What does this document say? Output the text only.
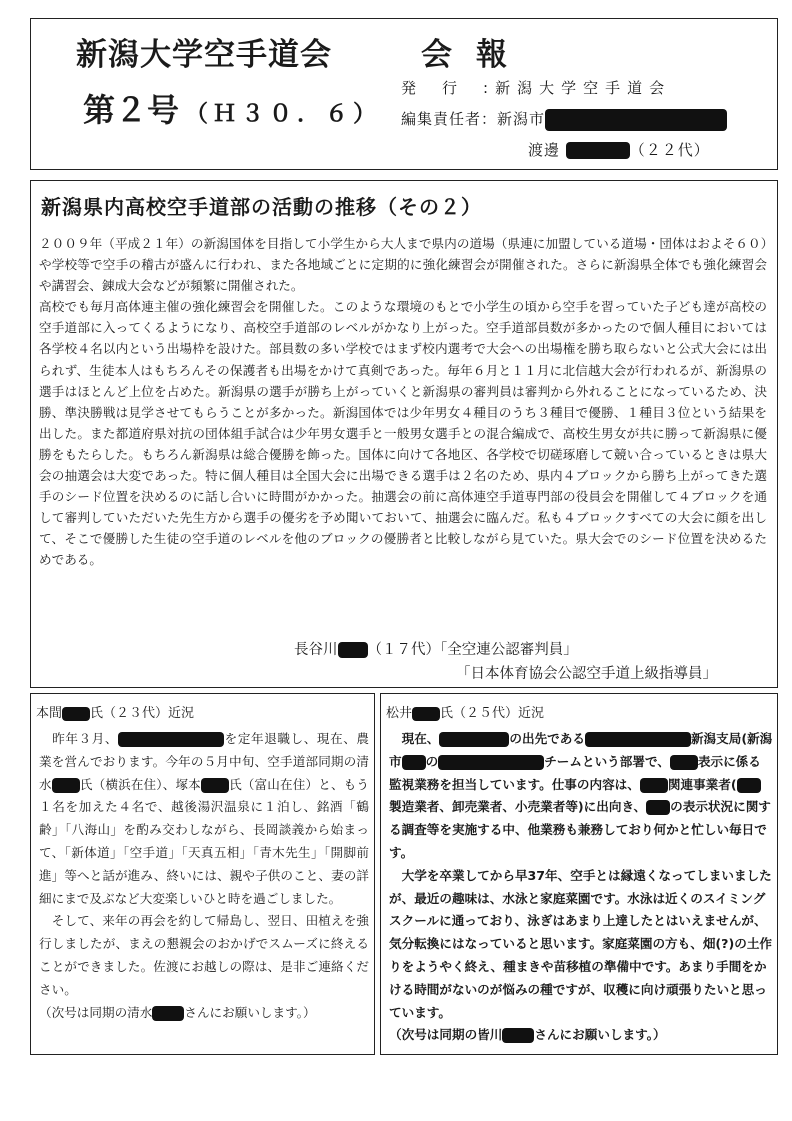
新潟大学空手道会	会報
第２号 （Ｈ３０．６）
発行:新潟大学空手道会
編集責任者：新潟市
渡邊	（２２代）
新潟県内高校空手道部の活動の推移（その２）

２００９年（平成２１年）の新潟国体を目指して小学生から大人まで県内の道場（県連に加盟している道場・団体はおよそ６０）や学校等で空手の稽古が盛んに行われ、また各地域ごとに定期的に強化練習会が開催された。さらに新潟県全体でも強化練習会や講習会、錬成大会などが頻繁に開催された。

高校でも毎月高体連主催の強化練習会を開催した。このような環境のもとで小学生の頃から空手を習っていた子ども達が高校の空手道部に入ってくるようになり、高校空手道部のレベルがかなり上がった。空手道部員数が多かったので個人種目においては各学校４名以内という出場枠を設けた。部員数の多い学校ではまず校内選考で大会への出場権を勝ち取らないと公式大会には出られず、生徒本人はもちろんその保護者も出場をかけて真剣であった。毎年６月と１１月に北信越大会が行われるが、新潟県の選手はほとんど上位を占めた。新潟県の選手が勝ち上がっていくと新潟県の審判員は審判から外れることになっているため、決勝、準決勝戦は見学させてもらうことが多かった。新潟国体では少年男女４種目のうち３種目で優勝、１種目３位という結果を出した。また都道府県対抗の団体組手試合は少年男女選手と一般男女選手との混合編成で、高校生男女が共に勝って新潟県に優勝をもたらした。もちろん新潟県は総合優勝を飾った。国体に向けて各地区、各学校で切磋琢磨して競い合っているときは県大会の抽選会は大変であった。特に個人種目は全国大会に出場できる選手は２名のため、県内４ブロックから勝ち上がってきた選手のシード位置を決めるのに話し合いに時間がかかった。抽選会の前に高体連空手道専門部の役員会を開催して４ブロックを通して審判していただいた先生方から選手の優劣を予め聞いておいて、抽選会に臨んだ。私も４ブロックすべての大会に顔を出して、そこで優勝した生徒の空手道のレベルを他のブロックの優勝者と比較しながら見ていた。県大会でのシード位置を決めるためである。

長谷川 （１７代）「全空連公認審判員」
「日本体育協会公認空手道上級指導員」
本間 氏（２３代）近況

　昨年３月、	を定年退職し、現在、農業を営んでおります。今年の５月中旬、空手道部同期の清水 氏（横浜在住）、塚本 氏（富山在住）と、もう１名を加えた４名で、越後湯沢温泉に１泊し、銘酒「鶴齢」「八海山」を酌み交わしながら、長岡談義から始まって、「新体道」「空手道」「天真五相」「青木先生」「開脚前進」等へと話が進み、終いには、親や子供のこと、妻の詳細にまで及ぶなど大変楽しいひと時を過ごしました。

　そして、来年の再会を約して帰島し、翌日、田植えを強行しましたが、まえの懇親会のおかげでスムーズに終えることができました。佐渡にお越しの際は、是非ご連絡ください。

（次号は同期の清水	さんにお願いします。）

松井 氏（２５代）近況

　現在、	の出先である	新潟支局(新潟市 の	チームという部署で、 表示に係る監視業務を担当しています。仕事の内容は、 関連事業者(製造業者、卸売業者、小売業者等)に出向き、 の表示状況に関する調査等を実施する中、他業務も兼務しており何かと忙しい毎日です。

　大学を卒業してから早37年、空手とは縁遠くなってしまいましたが、最近の趣味は、水泳と家庭菜園です。水泳は近くのスイミングスクールに通っており、泳ぎはあまり上達したとはいえませんが、気分転換にはなっていると思います。家庭菜園の方も、畑(?)の土作りをようやく終え、種まきや苗移植の準備中です。あまり手間をかける時間がないのが悩みの種ですが、収穫に向け頑張りたいと思っています。

（次号は同期の皆川	さんにお願いします。）
